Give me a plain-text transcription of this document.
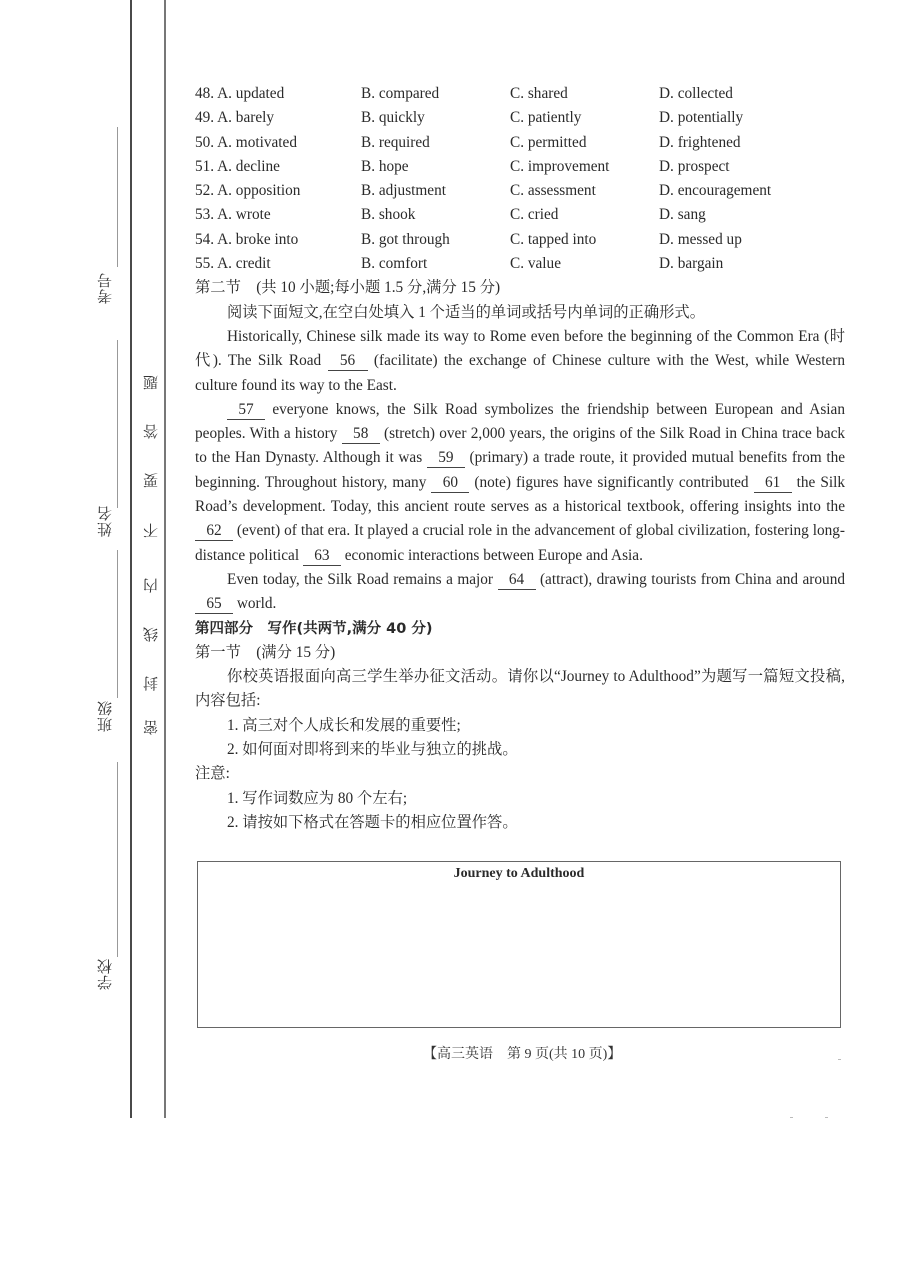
考号
姓名
班级
学校
密
封
线
内
不
要
答
题
48. A. updated	B. compared	C. shared	D. collected
49. A. barely	B. quickly	C. patiently	D. potentially
50. A. motivated	B. required	C. permitted	D. frightened
51. A. decline	B. hope	C. improvement	D. prospect
52. A. opposition	B. adjustment	C. assessment	D. encouragement
53. A. wrote	B. shook	C. cried	D. sang
54. A. broke into	B. got through	C. tapped into	D. messed up
55. A. credit	B. comfort	C. value	D. bargain

第二节　(共 10 小题;每小题 1.5 分,满分 15 分)

阅读下面短文,在空白处填入 1 个适当的单词或括号内单词的正确形式。

Historically, Chinese silk made its way to Rome even before the beginning of the Common Era (时代). The Silk Road 56 (facilitate) the exchange of Chinese culture with the West, while Western culture found its way to the East.

57 everyone knows, the Silk Road symbolizes the friendship between European and Asian peoples. With a history 58 (stretch) over 2,000 years, the origins of the Silk Road in China trace back to the Han Dynasty. Although it was 59 (primary) a trade route, it provided mutual benefits from the beginning. Throughout history, many 60 (note) figures have significantly contributed 61 the Silk Road’s development. Today, this ancient route serves as a historical textbook, offering insights into the 62 (event) of that era. It played a crucial role in the advancement of global civilization, fostering long-distance political 63 economic interactions between Europe and Asia.

Even today, the Silk Road remains a major 64 (attract), drawing tourists from China and around 65 world.

第四部分　写作(共两节,满分 40 分)

第一节　(满分 15 分)

你校英语报面向高三学生举办征文活动。请你以“Journey to Adulthood”为题写一篇短文投稿,内容包括:

1. 高三对个人成长和发展的重要性;

2. 如何面对即将到来的毕业与独立的挑战。

注意:

1. 写作词数应为 80 个左右;

2. 请按如下格式在答题卡的相应位置作答。

Journey to Adulthood
【高三英语　第 9 页(共 10 页)】
